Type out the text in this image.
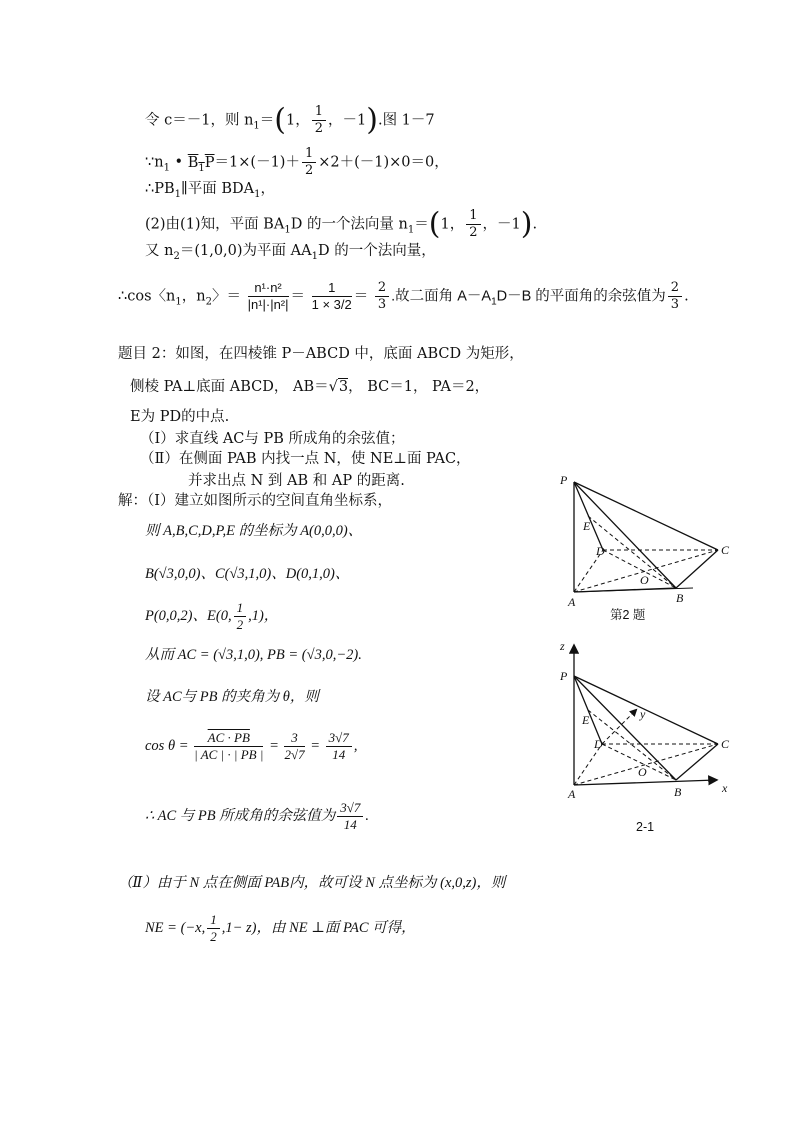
令 c＝－1，则 $n_1=(1$， $\frac{1}{2}$ ，－1).图 1－7
$\because n_1$ • $B_1P=1\times(-1)+ \frac{1}{2} \times 2+(-1)\times 0=0$，
$\therefore PB_1\parallel$平面 $BDA_1$，
(2)由(1)知，平面 $BA_1D$ 的一个法向量 $n_1=(1$， $\frac{1}{2}$ ，－1).
又 $n_2=(1,0,0)$为平面 $AA_1D$ 的一个法向量，
∴cos〈$n_1$，$n_2$〉＝ $\frac{\text{n¹·n²}}{\text{|n¹|·|n²|}} = \frac{1}{1 \times 3/2} = \frac{2}{3}$ .故二面角 $A-A_1D-B$ 的平面角的余弦值为 $\frac{2}{3}$ .
题目 2：如图，在四棱锥 P－ABCD 中，底面 ABCD 为矩形，
侧棱 PA⊥底面 ABCD， AB＝√3， BC＝1， PA＝2，
E为 PD的中点.
（Ⅰ）求直线 AC与 PB 所成角的余弦值；
（Ⅱ）在侧面 PAB 内找一点 N，使 NE⊥面 PAC，
并求出点 N 到 AB 和 AP 的距离.
解：（Ⅰ）建立如图所示的空间直角坐标系，
则 A,B,C,D,P,E 的坐标为 A(0,0,0)、
B(√3,0,0)、C(√3,1,0)、D(0,1,0)、
P(0,0,2)、E(0, $\frac{1}{2} ,1$)，
从而 AC = (√3,1,0), PB = (√3,0,−2).
设 AC与 PB 的夹角为 θ，则
$\cos \theta = \frac{AC \cdot PB}{| AC | \cdot | PB |} = \frac{3}{2√7} = \frac{3√7}{14}$ ,
∴ AC 与 PB 所成角的余弦值为 $\frac{3√7}{14}$ .
（Ⅱ）由于 N 点在侧面 PAB内，故可设 N 点坐标为 (x,0,z)，则
NE = (−x, $\frac{1}{2} ,1- z$)，由 NE ⊥面 PAC 可得，
P
E
D	C
O
A	B
第2 题
z
P
y
E
D	C
O
A	B	x
2-1
